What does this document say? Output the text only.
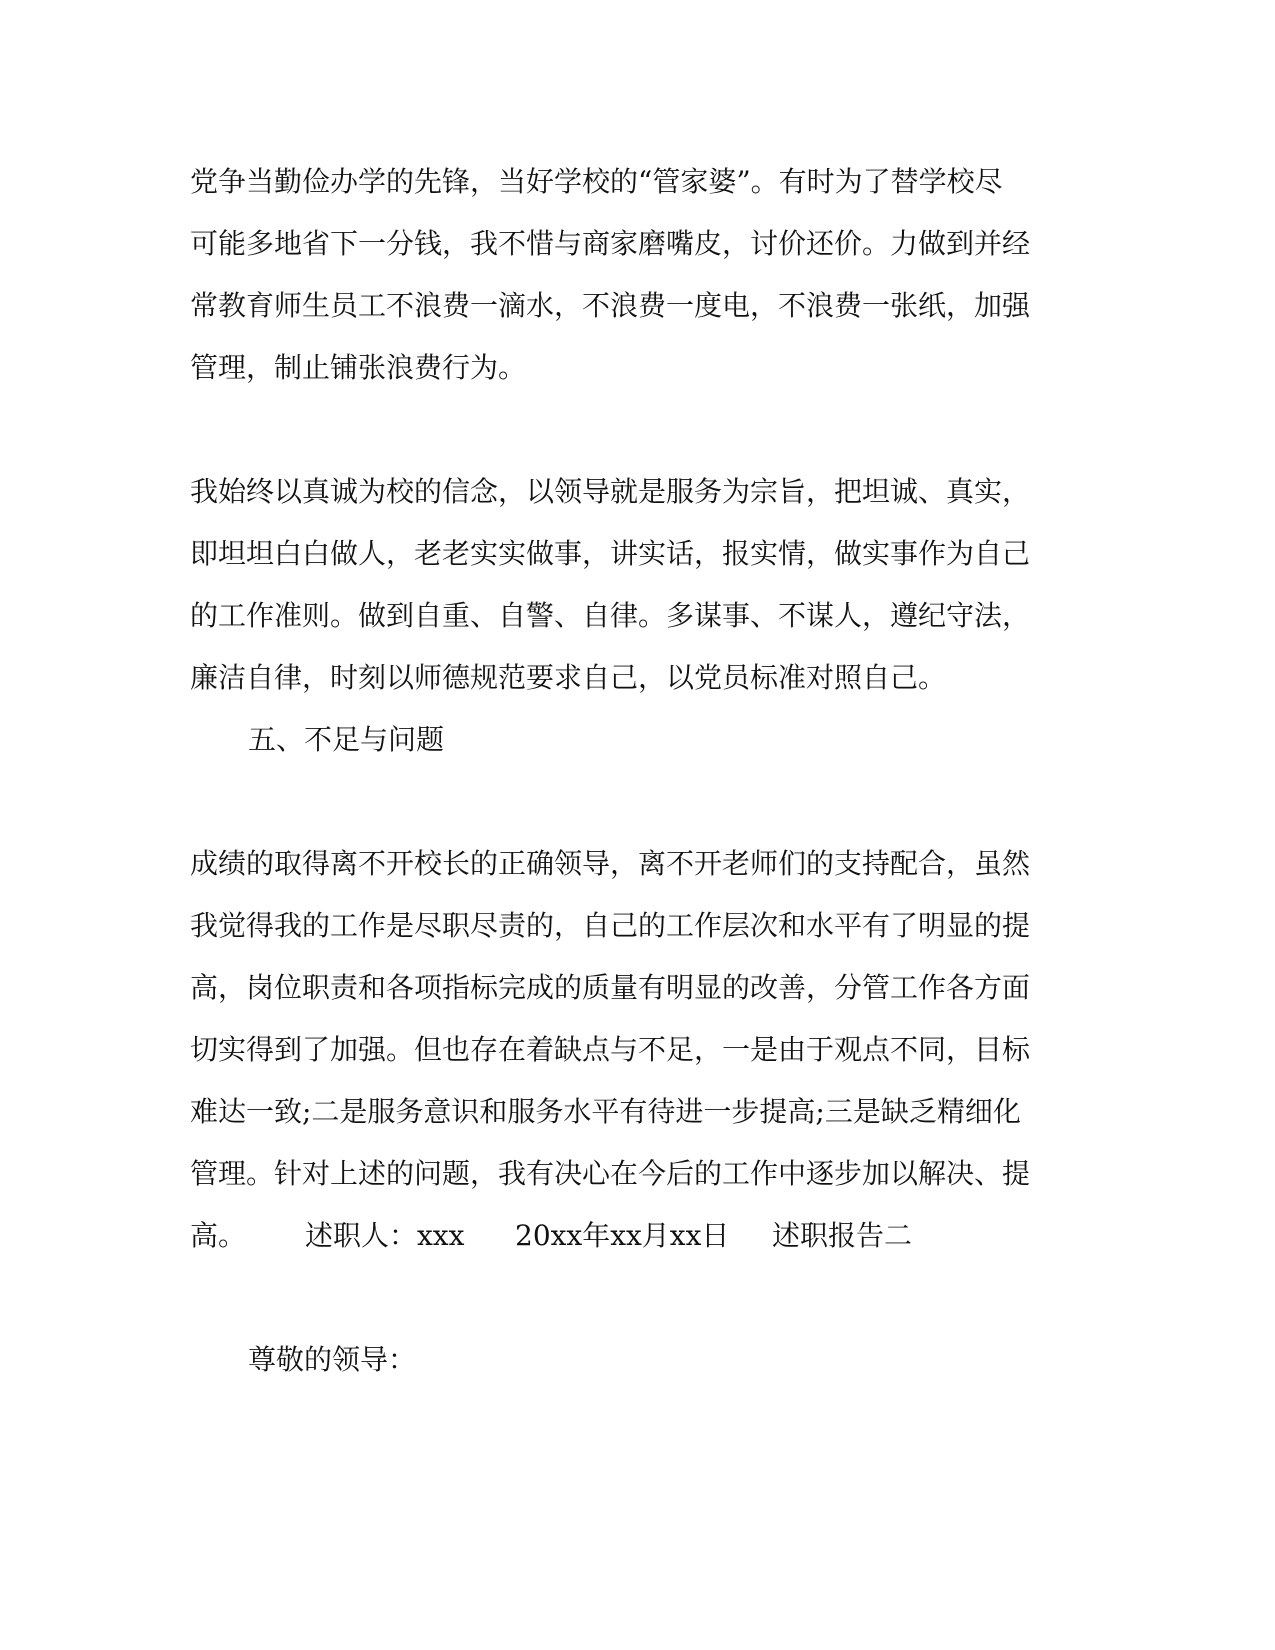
党争当勤俭办学的先锋，当好学校的“管家婆”。有时为了替学校尽
可能多地省下一分钱，我不惜与商家磨嘴皮，讨价还价。力做到并经
常教育师生员工不浪费一滴水，不浪费一度电，不浪费一张纸，加强
管理，制止铺张浪费行为。
我始终以真诚为校的信念，以领导就是服务为宗旨，把坦诚、真实，
即坦坦白白做人，老老实实做事，讲实话，报实情，做实事作为自己
的工作准则。做到自重、自警、自律。多谋事、不谋人，遵纪守法，
廉洁自律，时刻以师德规范要求自己，以党员标准对照自己。
五、不足与问题
成绩的取得离不开校长的正确领导，离不开老师们的支持配合，虽然
我觉得我的工作是尽职尽责的，自己的工作层次和水平有了明显的提
高，岗位职责和各项指标完成的质量有明显的改善，分管工作各方面
切实得到了加强。但也存在着缺点与不足，一是由于观点不同，目标
难达一致;二是服务意识和服务水平有待进一步提高;三是缺乏精细化
管理。针对上述的问题，我有决心在今后的工作中逐步加以解决、提
高。 述职人：xxx 20xx年xx月xx日 述职报告二
尊敬的领导：
